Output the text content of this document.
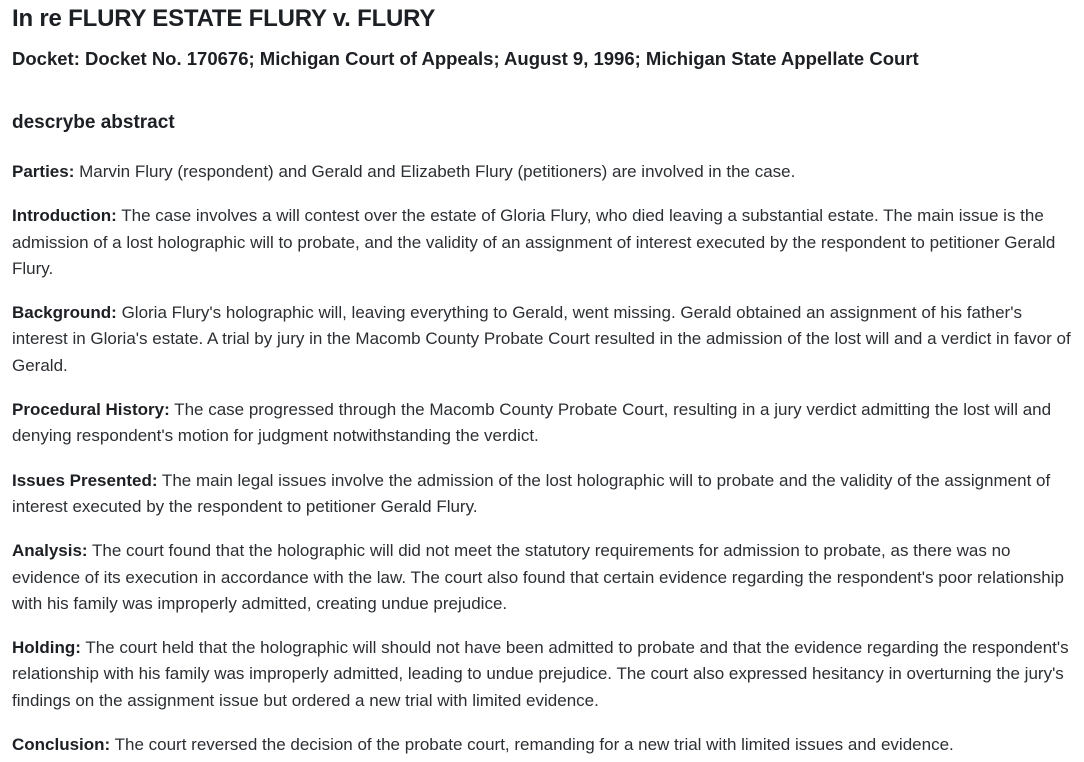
In re FLURY ESTATE FLURY v. FLURY
Docket: Docket No. 170676; Michigan Court of Appeals; August 9, 1996; Michigan State Appellate Court
descrybe abstract

Parties: Marvin Flury (respondent) and Gerald and Elizabeth Flury (petitioners) are involved in the case.

Introduction: The case involves a will contest over the estate of Gloria Flury, who died leaving a substantial estate. The main issue is the admission of a lost holographic will to probate, and the validity of an assignment of interest executed by the respondent to petitioner Gerald Flury.

Background: Gloria Flury's holographic will, leaving everything to Gerald, went missing. Gerald obtained an assignment of his father's interest in Gloria's estate. A trial by jury in the Macomb County Probate Court resulted in the admission of the lost will and a verdict in favor of Gerald.

Procedural History: The case progressed through the Macomb County Probate Court, resulting in a jury verdict admitting the lost will and denying respondent's motion for judgment notwithstanding the verdict.

Issues Presented: The main legal issues involve the admission of the lost holographic will to probate and the validity of the assignment of interest executed by the respondent to petitioner Gerald Flury.

Analysis: The court found that the holographic will did not meet the statutory requirements for admission to probate, as there was no evidence of its execution in accordance with the law. The court also found that certain evidence regarding the respondent's poor relationship with his family was improperly admitted, creating undue prejudice.

Holding: The court held that the holographic will should not have been admitted to probate and that the evidence regarding the respondent's relationship with his family was improperly admitted, leading to undue prejudice. The court also expressed hesitancy in overturning the jury's findings on the assignment issue but ordered a new trial with limited evidence.

Conclusion: The court reversed the decision of the probate court, remanding for a new trial with limited issues and evidence.
